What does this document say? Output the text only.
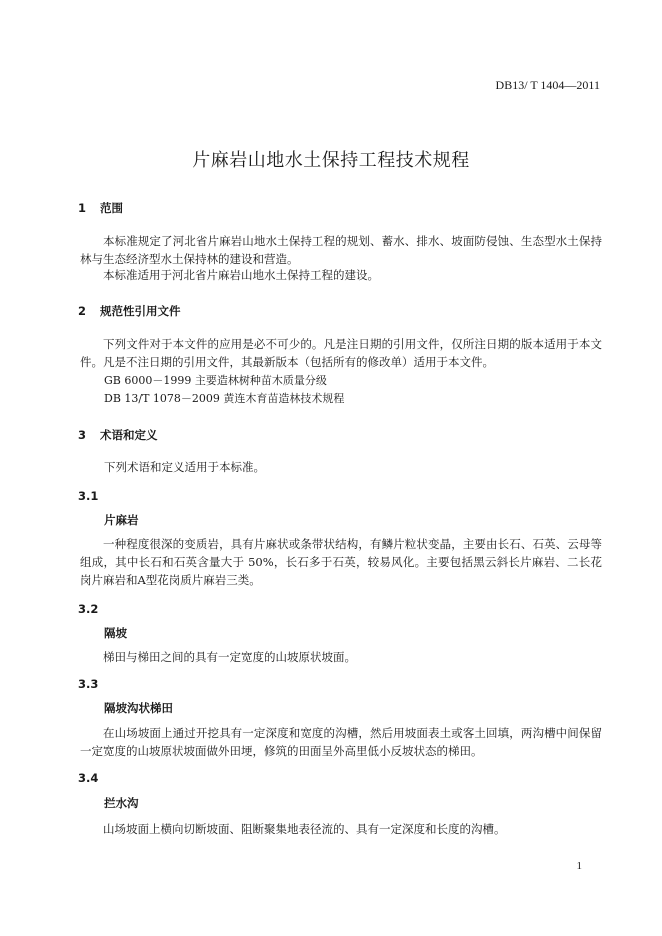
DB13/ T 1404—2011
片麻岩山地水土保持工程技术规程
1 范围
本标准规定了河北省片麻岩山地水土保持工程的规划、蓄水、排水、坡面防侵蚀、生态型水土保持林与生态经济型水土保持林的建设和营造。
本标准适用于河北省片麻岩山地水土保持工程的建设。
2 规范性引用文件
下列文件对于本文件的应用是必不可少的。凡是注日期的引用文件，仅所注日期的版本适用于本文件。凡是不注日期的引用文件，其最新版本（包括所有的修改单）适用于本文件。
GB 6000－1999 主要造林树种苗木质量分级
DB 13/T 1078－2009 黄连木育苗造林技术规程
3 术语和定义
下列术语和定义适用于本标准。
3.1
片麻岩
一种程度很深的变质岩，具有片麻状或条带状结构，有鳞片粒状变晶，主要由长石、石英、云母等组成，其中长石和石英含量大于 50%，长石多于石英，较易风化。主要包括黑云斜长片麻岩、二长花岗片麻岩和A型花岗质片麻岩三类。
3.2
隔坡
梯田与梯田之间的具有一定宽度的山坡原状坡面。
3.3
隔坡沟状梯田
在山场坡面上通过开挖具有一定深度和宽度的沟槽，然后用坡面表土或客土回填，两沟槽中间保留一定宽度的山坡原状坡面做外田埂，修筑的田面呈外高里低小反坡状态的梯田。
3.4
拦水沟
山场坡面上横向切断坡面、阻断聚集地表径流的、具有一定深度和长度的沟槽。
1
